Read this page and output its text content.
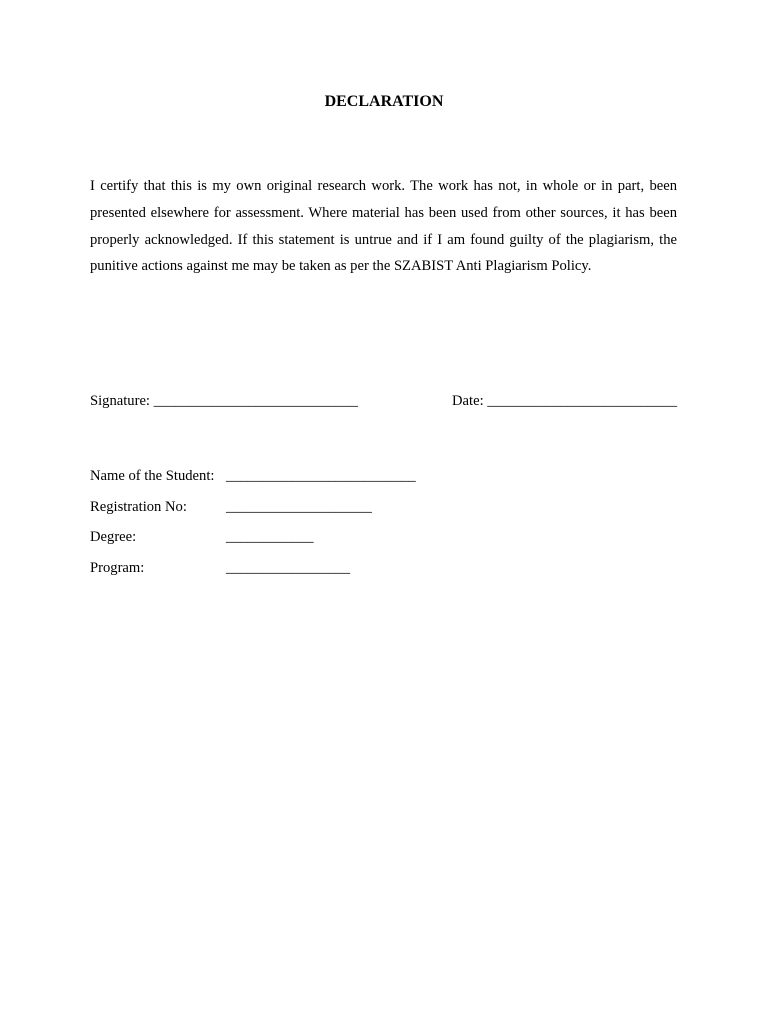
DECLARATION

I certify that this is my own original research work. The work has not, in whole or in part, been presented elsewhere for assessment. Where material has been used from other sources, it has been properly acknowledged. If this statement is untrue and if I am found guilty of the plagiarism, the punitive actions against me may be taken as per the SZABIST Anti Plagiarism Policy.

Signature: ____________________________	Date: __________________________
Name of the Student: __________________________
Registration No:	____________________
Degree:	____________
Program:	_________________
